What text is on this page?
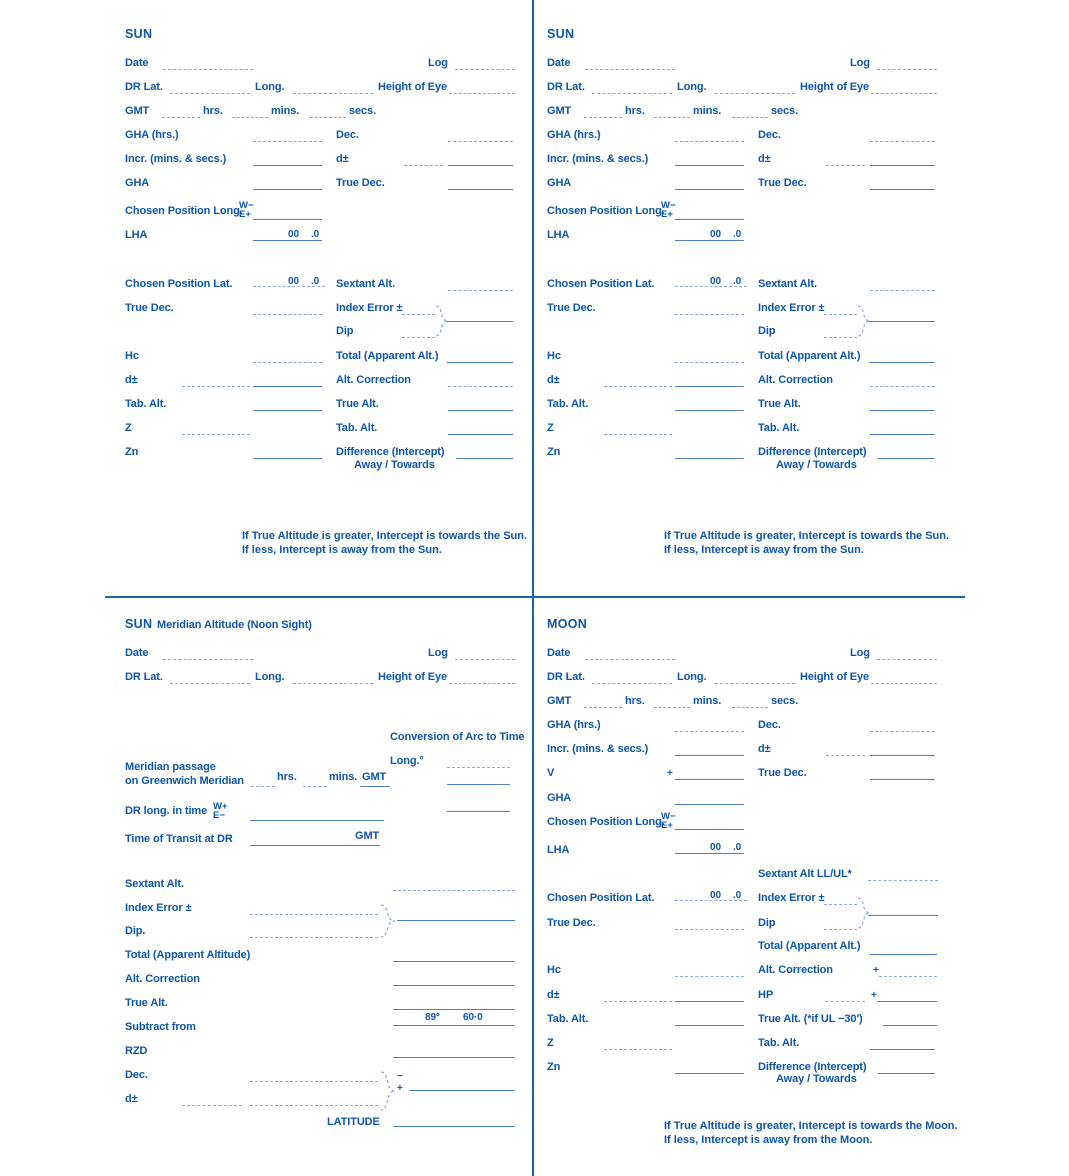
SUN
Date	Log
DR Lat.	Long.	Height of Eye
GMT	hrs.	mins.	secs.
GHA (hrs.)	Dec.
Incr. (mins. & secs.)	d±
GHA	True Dec.
Chosen Position Long.
W−
E+
LHA	00 .0
Chosen Position Lat.	00 .0 Sextant Alt.
True Dec.	Index Error ±
Dip
Hc	Total (Apparent Alt.)
d±	Alt. Correction
Tab. Alt.	True Alt.
Z	Tab. Alt.
Zn	Difference (Intercept)
Away / Towards
If True Altitude is greater, Intercept is towards the Sun.
If less, Intercept is away from the Sun.
SUN
Date	Log
DR Lat.	Long.	Height of Eye
GMT	hrs.	mins.	secs.
GHA (hrs.)	Dec.
Incr. (mins. & secs.)	d±
GHA	True Dec.
Chosen Position Long.
W−
E+
LHA	00 .0
Chosen Position Lat.	00 .0 Sextant Alt.
True Dec.	Index Error ±
Dip
Hc	Total (Apparent Alt.)
d±	Alt. Correction
Tab. Alt.	True Alt.
Z	Tab. Alt.
Zn	Difference (Intercept)
Away / Towards
If True Altitude is greater, Intercept is towards the Sun.
If less, Intercept is away from the Sun.
SUN Meridian Altitude (Noon Sight)
Date	Log
DR Lat.	Long.	Height of Eye
Conversion of Arc to Time
Long.°
Meridian passage
on Greenwich Meridian	hrs.	mins. GMT
DR long. in time W+
E−
Time of Transit at DR	GMT
Sextant Alt.
Index Error ±
Dip.
Total (Apparent Altitude)
Alt. Correction
True Alt.
Subtract from
89° 60·0
RZD
Dec.
d±
−
+
LATITUDE
MOON
Date	Log
DR Lat.	Long.	Height of Eye
GMT	hrs.	mins.	secs.
GHA (hrs.)	Dec.
Incr. (mins. & secs.)	d±
V	+	True Dec.
GHA
Chosen Position Long.
W−
E+
LHA	00 .0
Sextant Alt LL/UL*
Chosen Position Lat.	00 .0 Index Error ±
True Dec.	Dip
Total (Apparent Alt.)
Hc	Alt. Correction	+
d±	HP	+
Tab. Alt.	True Alt. (*if UL −30′)
Z	Tab. Alt.
Zn	Difference (Intercept)
Away / Towards
If True Altitude is greater, Intercept is towards the Moon.
If less, Intercept is away from the Moon.
